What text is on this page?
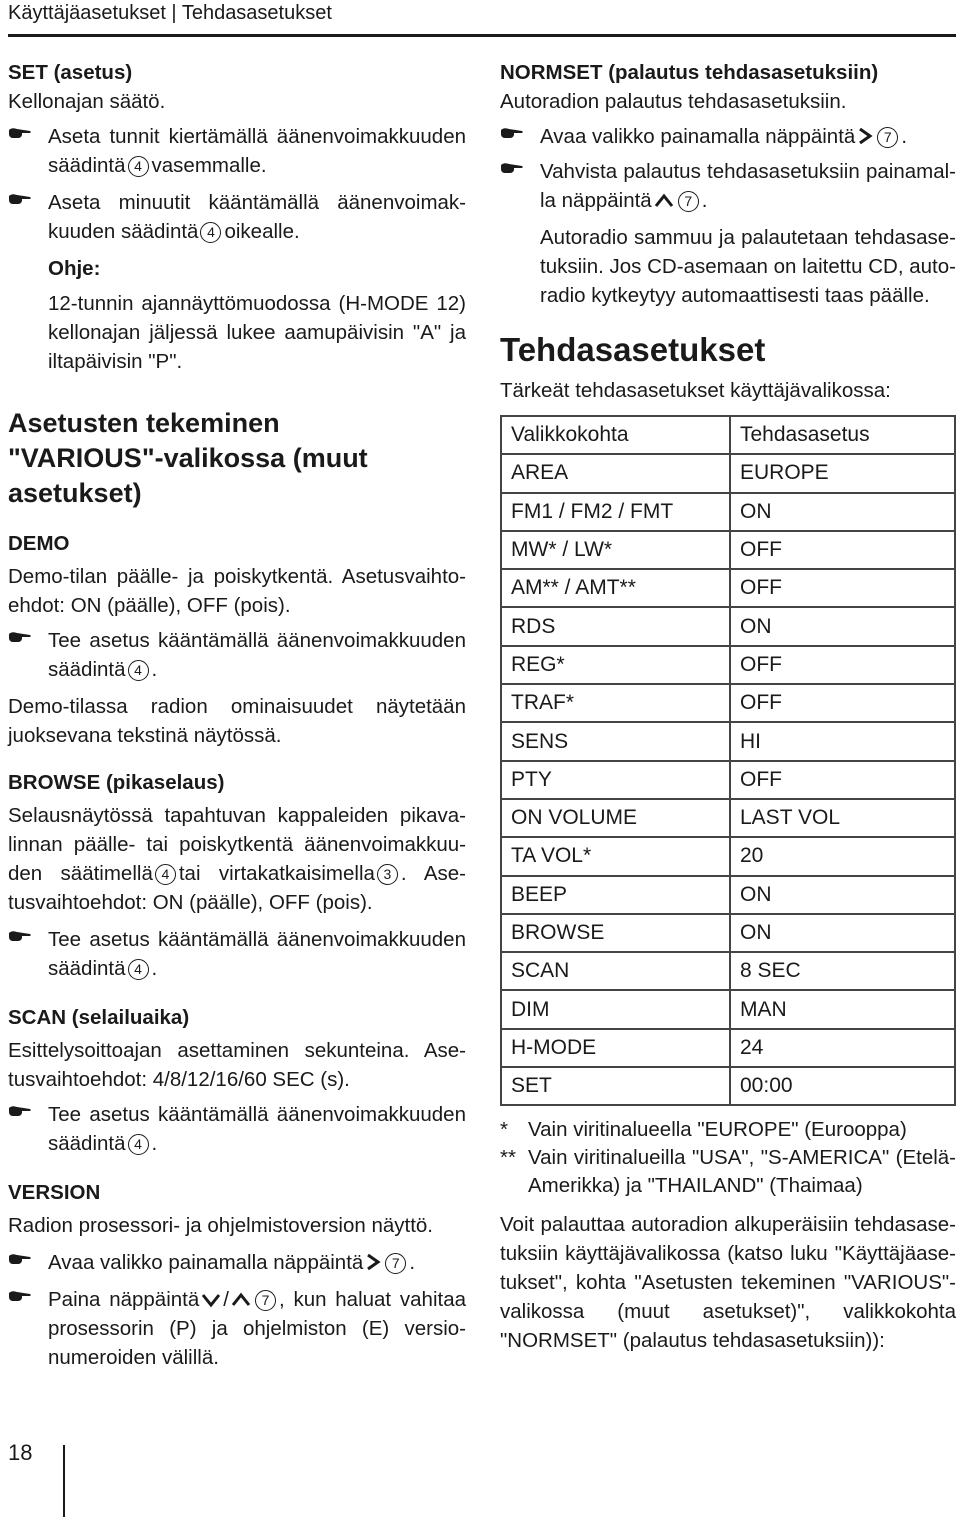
Käyttäjäasetukset | Tehdasasetukset

SET (asetus)

Kellonajan säätö.

Aseta tunnit kiertämällä äänenvoimakkuuden säädintä 4 vasemmalle.
Aseta minuutit kääntämällä äänenvoimakkuuden säädintä 4 oikealle.

Ohje:

12-tunnin ajannäyttömuodossa (H-MODE 12) kellonajan jäljessä lukee aamupäivisin "A" ja iltapäivisin "P".

Asetusten tekeminen "VARIOUS"-valikossa (muut asetukset)

DEMO

Demo-tilan päälle- ja poiskytkentä. Asetusvaihtoehdot: ON (päälle), OFF (pois).

Tee asetus kääntämällä äänenvoimakkuuden säädintä 4 .

Demo-tilassa radion ominaisuudet näytetään juoksevana tekstinä näytössä.

BROWSE (pikaselaus)

Selausnäytössä tapahtuvan kappaleiden pikavalinnan päälle- tai poiskytkentä äänenvoimakkuuden säätimellä 4 tai virtakatkaisimella 3 . Asetusvaihtoehdot: ON (päälle), OFF (pois).

Tee asetus kääntämällä äänenvoimakkuuden säädintä 4 .

SCAN (selailuaika)

Esittelysoittoajan asettaminen sekunteina. Asetusvaihtoehdot: 4/8/12/16/60 SEC (s).

Tee asetus kääntämällä äänenvoimakkuuden säädintä 4 .

VERSION

Radion prosessori- ja ohjelmistoversion näyttö.

Avaa valikko painamalla näppäintä 7 .
Paina näppäintä / 7 , kun haluat vahitaa prosessorin (P) ja ohjelmiston (E) versionumeroiden välillä.

NORMSET (palautus tehdasasetuksiin)

Autoradion palautus tehdasasetuksiin.

Avaa valikko painamalla näppäintä 7 .
Vahvista palautus tehdasasetuksiin painamalla näppäintä 7 .

Autoradio sammuu ja palautetaan tehdasasetuksiin. Jos CD-asemaan on laitettu CD, autoradio kytkeytyy automaattisesti taas päälle.

Tehdasasetukset

Tärkeät tehdasasetukset käyttäjävalikossa:

Valikkokohta	Tehdasasetus
AREA	EUROPE
FM1 / FM2 / FMT	ON
MW* / LW*	OFF
AM** / AMT**	OFF
RDS	ON
REG*	OFF
TRAF*	OFF
SENS	HI
PTY	OFF
ON VOLUME	LAST VOL
TA VOL*	20
BEEP	ON
BROWSE	ON
SCAN	8 SEC
DIM	MAN
H-MODE	24
SET	00:00
* Vain viritinalueella "EUROPE" (Eurooppa)
** Vain viritinalueilla "USA", "S-AMERICA" (Etelä-Amerikka) ja "THAILAND" (Thaimaa)

Voit palauttaa autoradion alkuperäisiin tehdasasetuksiin käyttäjävalikossa (katso luku "Käyttäjäasetukset", kohta "Asetusten tekeminen "VARIOUS"-valikossa (muut asetukset)", valikkokohta "NORMSET" (palautus tehdasasetuksiin)):

18
